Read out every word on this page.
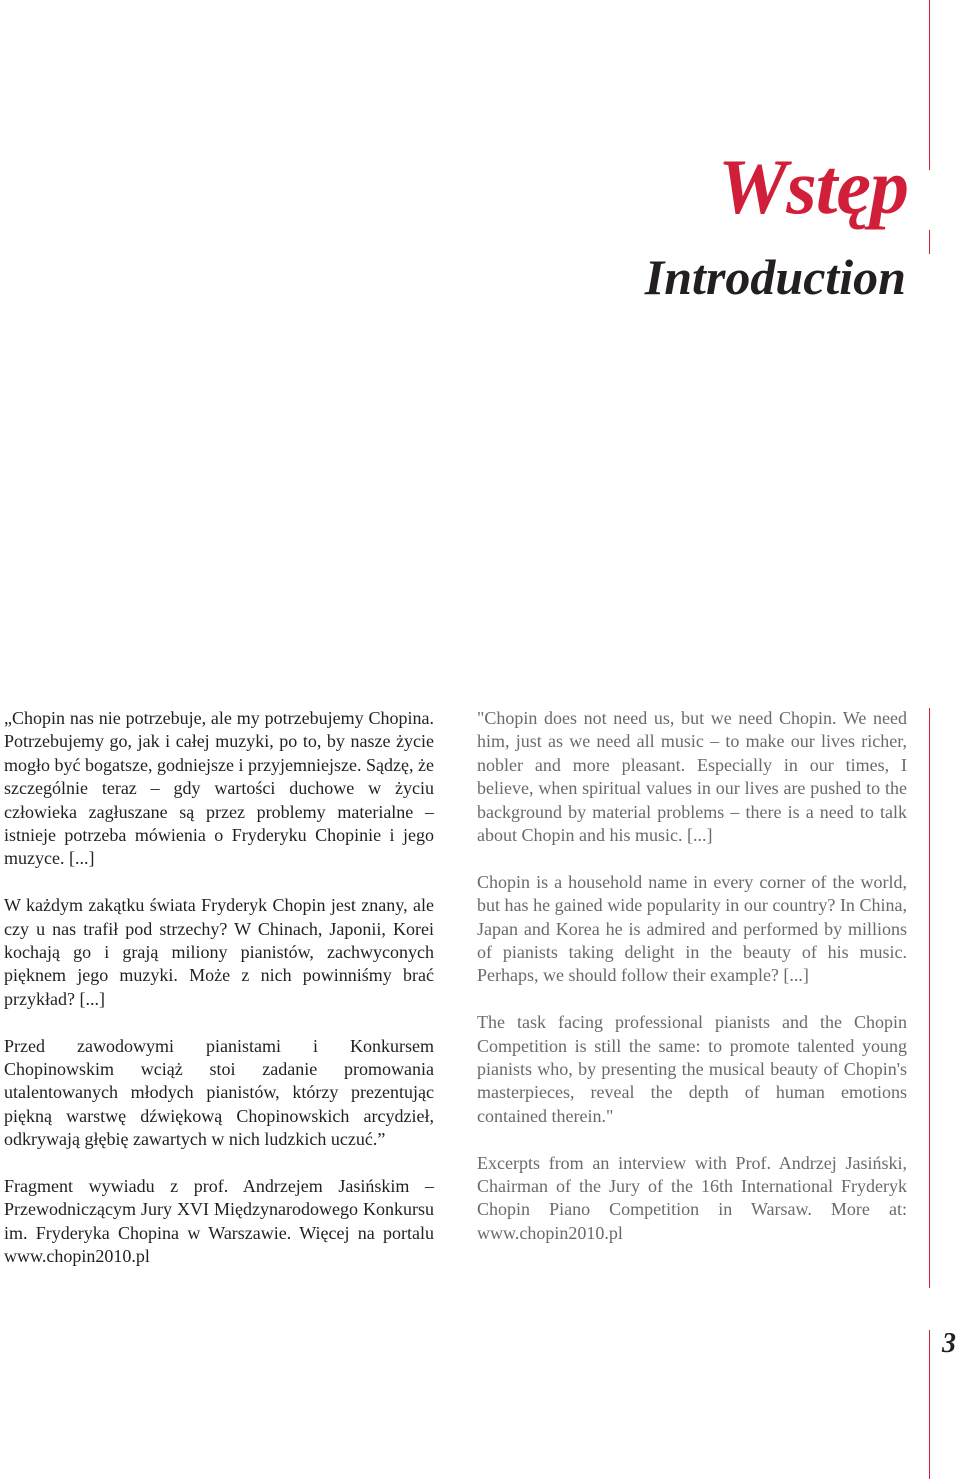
Wstęp
Introduction

„Chopin nas nie potrzebuje, ale my potrzebujemy Chopina. Potrzebujemy go, jak i całej muzyki, po to, by nasze życie mogło być bogatsze, godniejsze i przyjemniejsze. Sądzę, że szczególnie teraz – gdy wartości duchowe w życiu człowieka zagłuszane są przez problemy materialne – istnieje potrzeba mówienia o Fryderyku Chopinie i jego muzyce. [...]

W każdym zakątku świata Fryderyk Chopin jest znany, ale czy u nas trafił pod strzechy? W Chinach, Japonii, Korei kochają go i grają miliony pianistów, zachwyconych pięknem jego muzyki. Może z nich powinniśmy brać przykład? [...]

Przed zawodowymi pianistami i Konkursem Chopinowskim wciąż stoi zadanie promowania utalentowanych młodych pianistów, którzy prezentując piękną warstwę dźwiękową Chopinowskich arcydzieł, odkrywają głębię zawartych w nich ludzkich uczuć.”

Fragment wywiadu z prof. Andrzejem Jasińskim – Przewodniczącym Jury XVI Międzynarodowego Konkursu im. Fryderyka Chopina w Warszawie. Więcej na portalu www.chopin2010.pl

"Chopin does not need us, but we need Chopin. We need him, just as we need all music – to make our lives richer, nobler and more pleasant. Especially in our times, I believe, when spiritual values in our lives are pushed to the background by material problems – there is a need to talk about Chopin and his music. [...]

Chopin is a household name in every corner of the world, but has he gained wide popularity in our country? In China, Japan and Korea he is admired and performed by millions of pianists taking delight in the beauty of his music. Perhaps, we should follow their example? [...]

The task facing professional pianists and the Chopin Competition is still the same: to promote talented young pianists who, by presenting the musical beauty of Chopin's masterpieces, reveal the depth of human emotions contained therein."

Excerpts from an interview with Prof. Andrzej Jasiński, Chairman of the Jury of the 16th International Fryderyk Chopin Piano Competition in Warsaw. More at: www.chopin2010.pl

3
